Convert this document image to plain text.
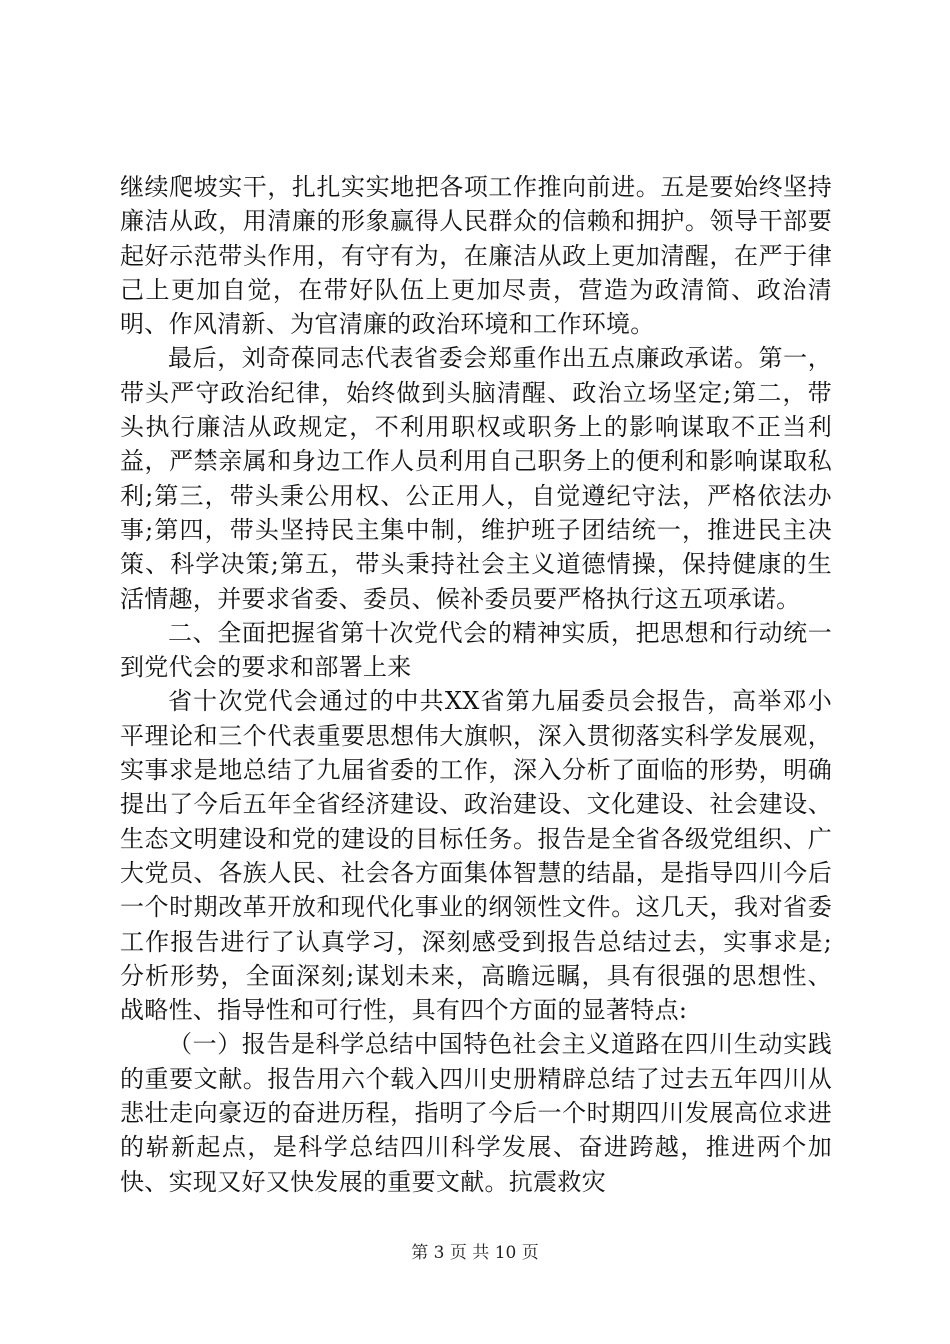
继续爬坡实干，扎扎实实地把各项工作推向前进。五是要始终坚持廉洁从政，用清廉的形象赢得人民群众的信赖和拥护。领导干部要起好示范带头作用，有守有为，在廉洁从政上更加清醒，在严于律己上更加自觉，在带好队伍上更加尽责，营造为政清简、政治清明、作风清新、为官清廉的政治环境和工作环境。

最后，刘奇葆同志代表省委会郑重作出五点廉政承诺。第一，带头严守政治纪律，始终做到头脑清醒、政治立场坚定;第二，带头执行廉洁从政规定，不利用职权或职务上的影响谋取不正当利益，严禁亲属和身边工作人员利用自己职务上的便利和影响谋取私利;第三，带头秉公用权、公正用人，自觉遵纪守法，严格依法办事;第四，带头坚持民主集中制，维护班子团结统一，推进民主决策、科学决策;第五，带头秉持社会主义道德情操，保持健康的生活情趣，并要求省委、委员、候补委员要严格执行这五项承诺。

二、全面把握省第十次党代会的精神实质，把思想和行动统一到党代会的要求和部署上来

省十次党代会通过的中共XX省第九届委员会报告，高举邓小平理论和三个代表重要思想伟大旗帜，深入贯彻落实科学发展观，实事求是地总结了九届省委的工作，深入分析了面临的形势，明确提出了今后五年全省经济建设、政治建设、文化建设、社会建设、生态文明建设和党的建设的目标任务。报告是全省各级党组织、广大党员、各族人民、社会各方面集体智慧的结晶，是指导四川今后一个时期改革开放和现代化事业的纲领性文件。这几天，我对省委工作报告进行了认真学习，深刻感受到报告总结过去，实事求是;分析形势，全面深刻;谋划未来，高瞻远瞩，具有很强的思想性、战略性、指导性和可行性，具有四个方面的显著特点:

（一）报告是科学总结中国特色社会主义道路在四川生动实践的重要文献。报告用六个载入四川史册精辟总结了过去五年四川从悲壮走向豪迈的奋进历程，指明了今后一个时期四川发展高位求进的崭新起点，是科学总结四川科学发展、奋进跨越，推进两个加快、实现又好又快发展的重要文献。抗震救灾

第 3 页 共 10 页
